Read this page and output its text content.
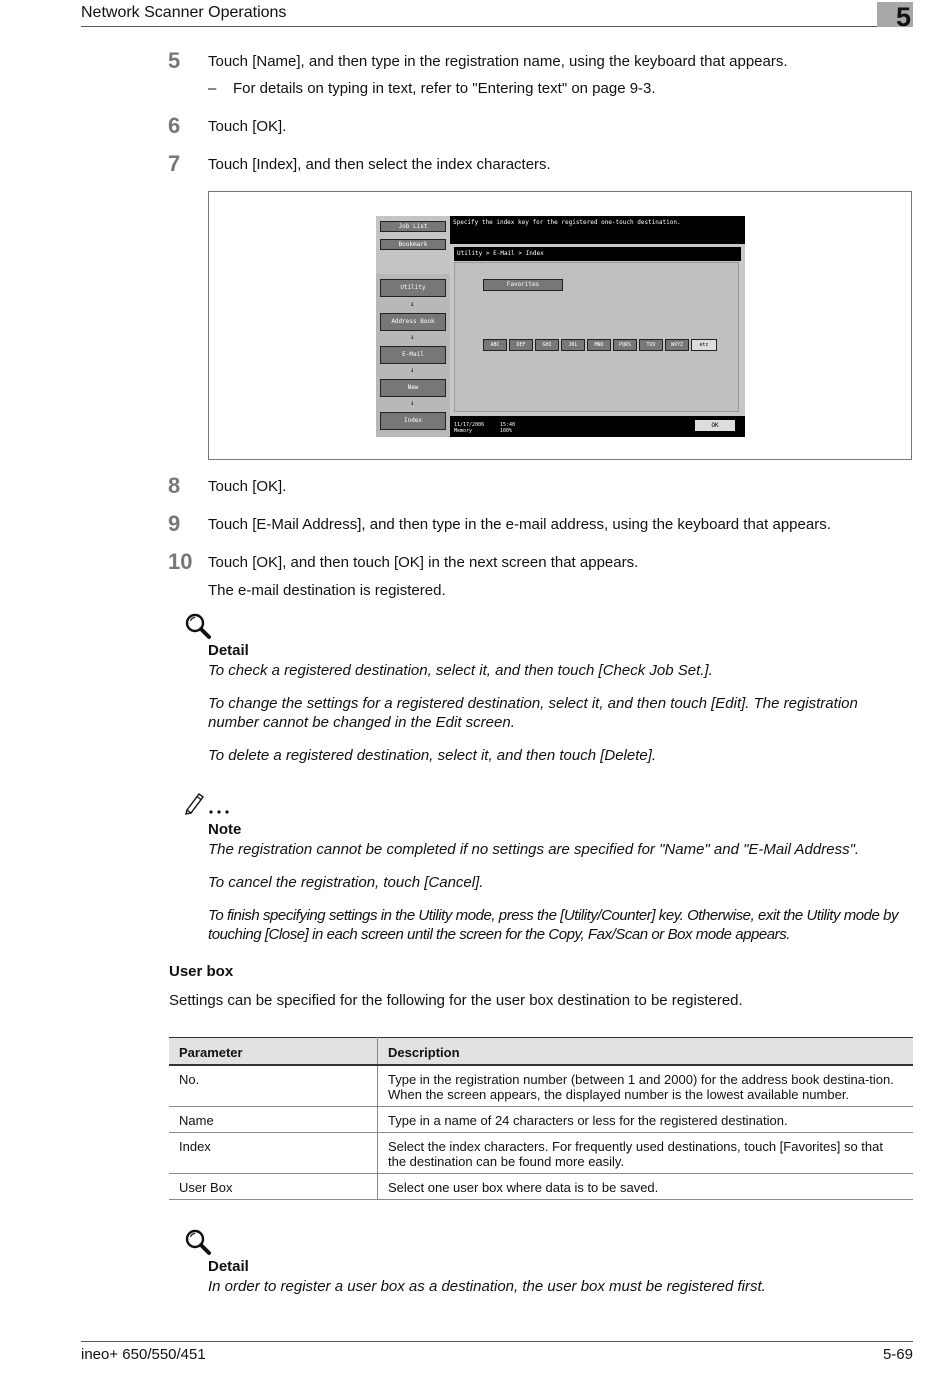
Network Scanner Operations	5
5 Touch [Name], and then type in the registration name, using the keyboard that appears.
– For details on typing in text, refer to "Entering text" on page 9-3.
6 Touch [OK].
7 Touch [Index], and then select the index characters.
Job List
Bookmark
Utility
↓
Address Book
↓
E-Mail
↓
New
↓
Index
Specify the index key for the registered one-touch destination.
Utility > E-Mail > Index
Favorites
ABC	DEF	GHI	JKL	MNO	PQRS	TUV	WXYZ	etc
11/17/2006
Memory
15:40
100%
OK
8 Touch [OK].
9 Touch [E-Mail Address], and then type in the e-mail address, using the keyboard that appears.
10 Touch [OK], and then touch [OK] in the next screen that appears.
The e-mail destination is registered.
Detail
To check a registered destination, select it, and then touch [Check Job Set.].
To change the settings for a registered destination, select it, and then touch [Edit]. The registration number cannot be changed in the Edit screen.
To delete a registered destination, select it, and then touch [Delete].
Note
The registration cannot be completed if no settings are specified for "Name" and "E-Mail Address".
To cancel the registration, touch [Cancel].
To finish specifying settings in the Utility mode, press the [Utility/Counter] key. Otherwise, exit the Utility mode by touching [Close] in each screen until the screen for the Copy, Fax/Scan or Box mode appears.
User box
Settings can be specified for the following for the user box destination to be registered.
Parameter	Description
No.	Type in the registration number (between 1 and 2000) for the address book destina-tion. When the screen appears, the displayed number is the lowest available number.
Name	Type in a name of 24 characters or less for the registered destination.
Index	Select the index characters. For frequently used destinations, touch [Favorites] so that the destination can be found more easily.
User Box	Select one user box where data is to be saved.
Detail
In order to register a user box as a destination, the user box must be registered first.
ineo+ 650/550/451	5-69
